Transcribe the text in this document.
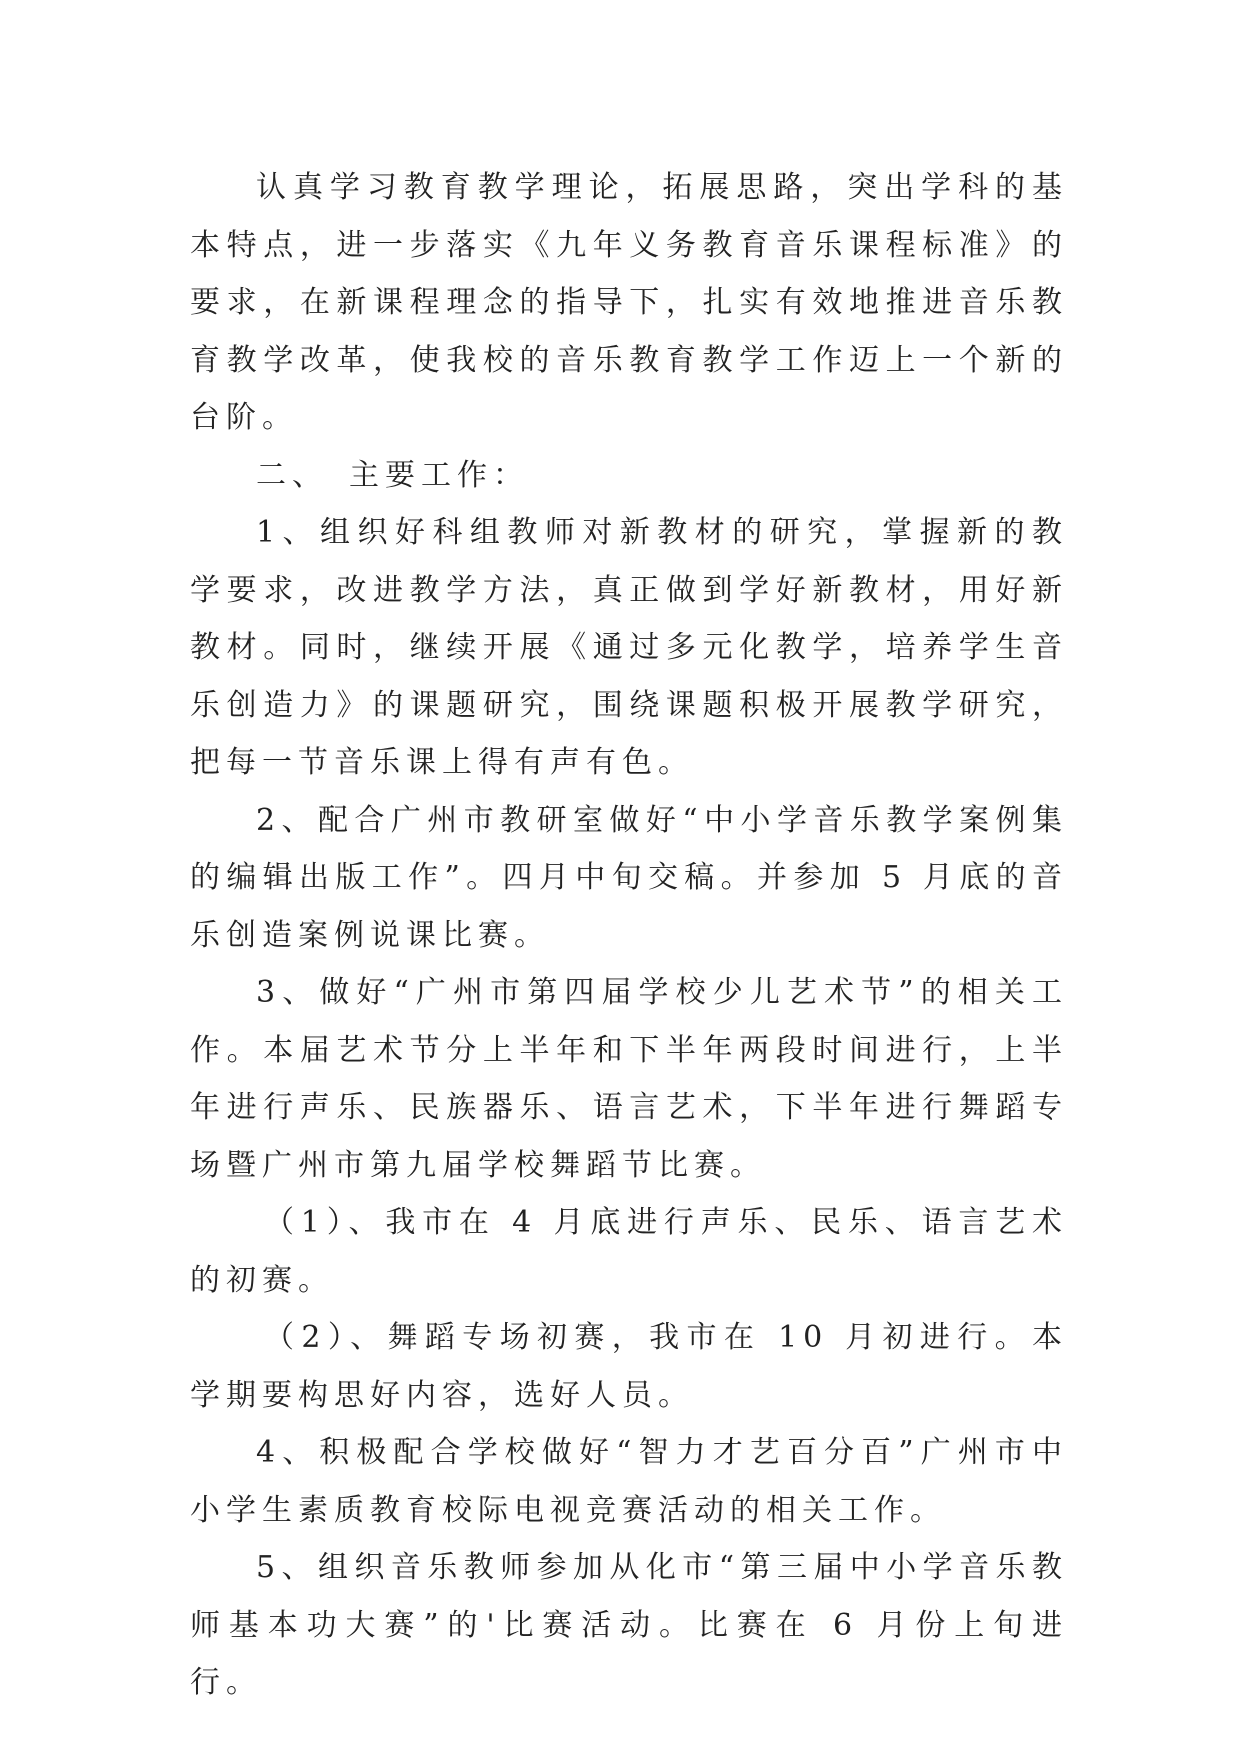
认真学习教育教学理论，拓展思路，突出学科的基本特点，进一步落实《九年义务教育音乐课程标准》的要求，在新课程理念的指导下，扎实有效地推进音乐教育教学改革，使我校的音乐教育教学工作迈上一个新的台阶。

二、　主要工作：

1、组织好科组教师对新教材的研究，掌握新的教学要求，改进教学方法，真正做到学好新教材，用好新教材。同时，继续开展《通过多元化教学，培养学生音乐创造力》的课题研究，围绕课题积极开展教学研究，把每一节音乐课上得有声有色。

2、配合广州市教研室做好“中小学音乐教学案例集的编辑出版工作”。四月中旬交稿。并参加 5 月底的音乐创造案例说课比赛。

3、做好“广州市第四届学校少儿艺术节”的相关工作。本届艺术节分上半年和下半年两段时间进行，上半年进行声乐、民族器乐、语言艺术，下半年进行舞蹈专场暨广州市第九届学校舞蹈节比赛。

（1）、我市在 4 月底进行声乐、民乐、语言艺术的初赛。

（2）、舞蹈专场初赛，我市在 10 月初进行。本学期要构思好内容，选好人员。

4、积极配合学校做好“智力才艺百分百”广州市中小学生素质教育校际电视竞赛活动的相关工作。

5、组织音乐教师参加从化市“第三届中小学音乐教师基本功大赛”的'比赛活动。比赛在 6 月份上旬进行。
